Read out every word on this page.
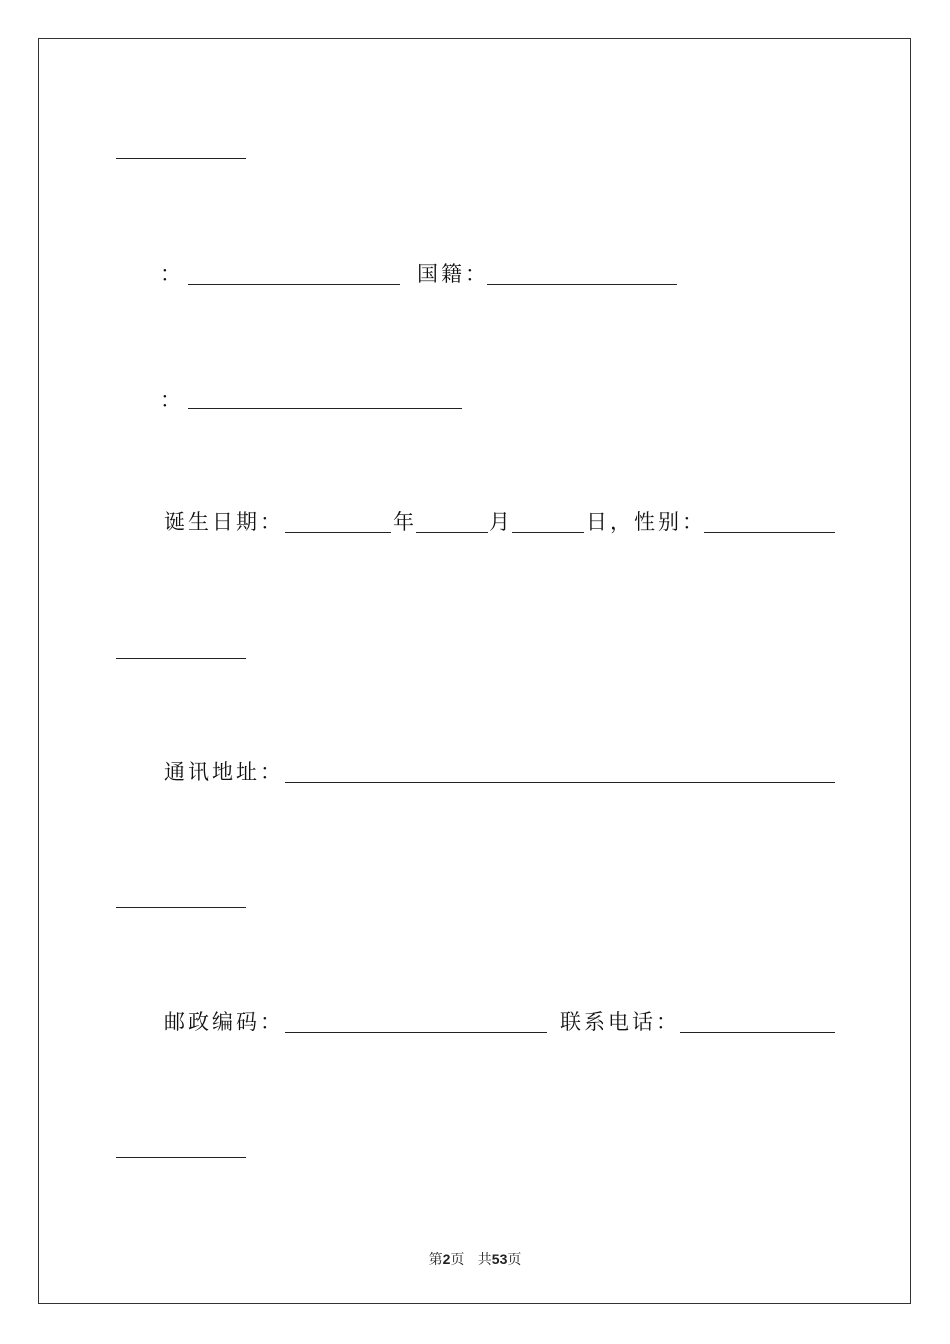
：	国籍：
：
诞生日期：	年	月	日， 性别：
通讯地址：
邮政编码：	联系电话：
第2页 共53页
